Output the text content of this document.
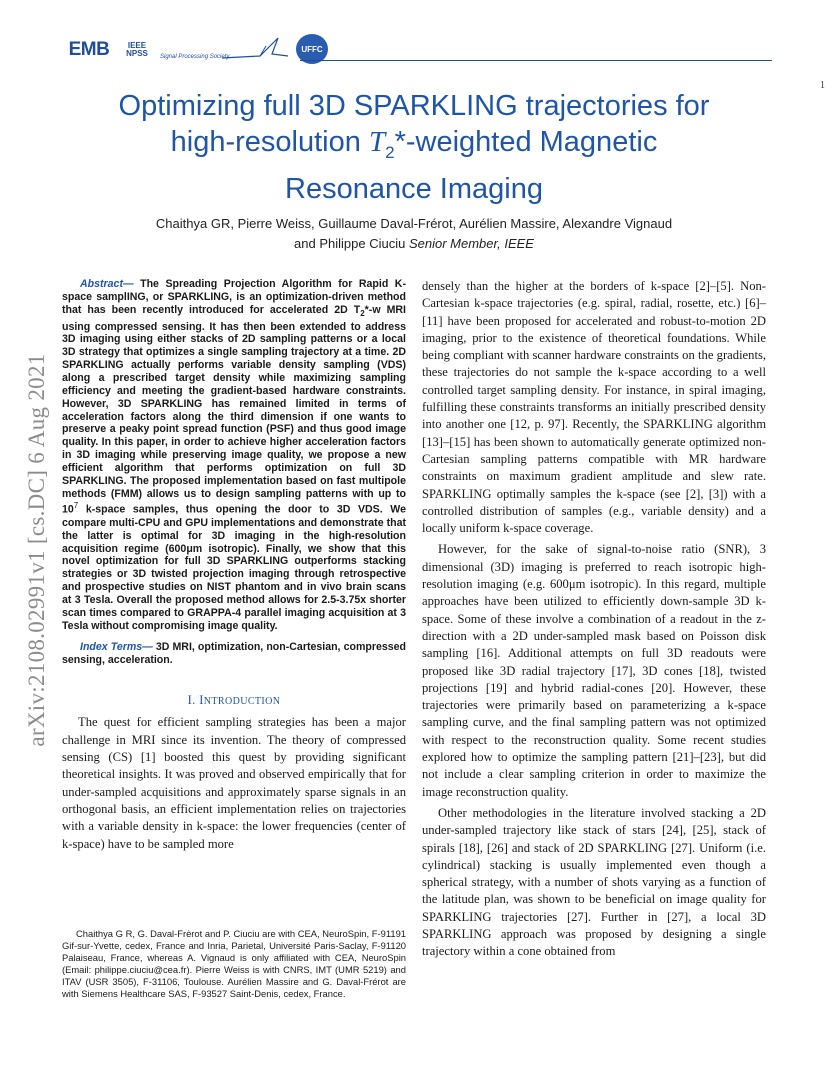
EMB	IEEE
NPSS Signal Processing Society
UFFC
1
Optimizing full 3D SPARKLING trajectories for
high-resolution $T_2*$-weighted Magnetic
Resonance Imaging
Chaithya GR, Pierre Weiss, Guillaume Daval-Frérot, Aurélien Massire, Alexandre Vignaud
and Philippe Ciuciu Senior Member, IEEE
arXiv:2108.02991v1 [cs.DC] 6 Aug 2021

Abstract— The Spreading Projection Algorithm for Rapid K-space samplING, or SPARKLING, is an optimization-driven method that has been recently introduced for accelerated 2D $T_2*-w$ MRI using compressed sensing. It has then been extended to address 3D imaging using either stacks of 2D sampling patterns or a local 3D strategy that optimizes a single sampling trajectory at a time. 2D SPARKLING actually performs variable density sampling (VDS) along a prescribed target density while maximizing sampling efficiency and meeting the gradient-based hardware constraints. However, 3D SPARKLING has remained limited in terms of acceleration factors along the third dimension if one wants to preserve a peaky point spread function (PSF) and thus good image quality. In this paper, in order to achieve higher acceleration factors in 3D imaging while preserving image quality, we propose a new efficient algorithm that performs optimization on full 3D SPARKLING. The proposed implementation based on fast multipole methods (FMM) allows us to design sampling patterns with up to $10^7$ k-space samples, thus opening the door to 3D VDS. We compare multi-CPU and GPU implementations and demonstrate that the latter is optimal for 3D imaging in the high-resolution acquisition regime (600μm isotropic). Finally, we show that this novel optimization for full 3D SPARKLING outperforms stacking strategies or 3D twisted projection imaging through retrospective and prospective studies on NIST phantom and in vivo brain scans at 3 Tesla. Overall the proposed method allows for 2.5-3.75x shorter scan times compared to GRAPPA-4 parallel imaging acquisition at 3 Tesla without compromising image quality.

Index Terms— 3D MRI, optimization, non-Cartesian, compressed sensing, acceleration.

I. INTRODUCTION

The quest for efficient sampling strategies has been a major challenge in MRI since its invention. The theory of compressed sensing (CS) [1] boosted this quest by providing significant theoretical insights. It was proved and observed empirically that for under-sampled acquisitions and approximately sparse signals in an orthogonal basis, an efficient implementation relies on trajectories with a variable density in k-space: the lower frequencies (center of k-space) have to be sampled more

Chaithya G R, G. Daval-Frèrot and P. Ciuciu are with CEA, NeuroSpin, F-91191 Gif-sur-Yvette, cedex, France and Inria, Parietal, Université Paris-Saclay, F-91120 Palaiseau, France, whereas A. Vignaud is only affiliated with CEA, NeuroSpin (Email: philippe.ciuciu@cea.fr). Pierre Weiss is with CNRS, IMT (UMR 5219) and ITAV (USR 3505), F-31106, Toulouse. Aurélien Massire and G. Daval-Frérot are with Siemens Healthcare SAS, F-93527 Saint-Denis, cedex, France.

densely than the higher at the borders of k-space [2]–[5]. Non-Cartesian k-space trajectories (e.g. spiral, radial, rosette, etc.) [6]–[11] have been proposed for accelerated and robust-to-motion 2D imaging, prior to the existence of theoretical foundations. While being compliant with scanner hardware constraints on the gradients, these trajectories do not sample the k-space according to a well controlled target sampling density. For instance, in spiral imaging, fulfilling these constraints transforms an initially prescribed density into another one [12, p. 97]. Recently, the SPARKLING algorithm [13]–[15] has been shown to automatically generate optimized non-Cartesian sampling patterns compatible with MR hardware constraints on maximum gradient amplitude and slew rate. SPARKLING optimally samples the k-space (see [2], [3]) with a controlled distribution of samples (e.g., variable density) and a locally uniform k-space coverage.

However, for the sake of signal-to-noise ratio (SNR), 3 dimensional (3D) imaging is preferred to reach isotropic high-resolution imaging (e.g. 600μm isotropic). In this regard, multiple approaches have been utilized to efficiently down-sample 3D k-space. Some of these involve a combination of a readout in the z-direction with a 2D under-sampled mask based on Poisson disk sampling [16]. Additional attempts on full 3D readouts were proposed like 3D radial trajectory [17], 3D cones [18], twisted projections [19] and hybrid radial-cones [20]. However, these trajectories were primarily based on parameterizing a k-space sampling curve, and the final sampling pattern was not optimized with respect to the reconstruction quality. Some recent studies explored how to optimize the sampling pattern [21]–[23], but did not include a clear sampling criterion in order to maximize the image reconstruction quality.

Other methodologies in the literature involved stacking a 2D under-sampled trajectory like stack of stars [24], [25], stack of spirals [18], [26] and stack of 2D SPARKLING [27]. Uniform (i.e. cylindrical) stacking is usually implemented even though a spherical strategy, with a number of shots varying as a function of the latitude plan, was shown to be beneficial on image quality for SPARKLING trajectories [27]. Further in [27], a local 3D SPARKLING approach was proposed by designing a single trajectory within a cone obtained from
